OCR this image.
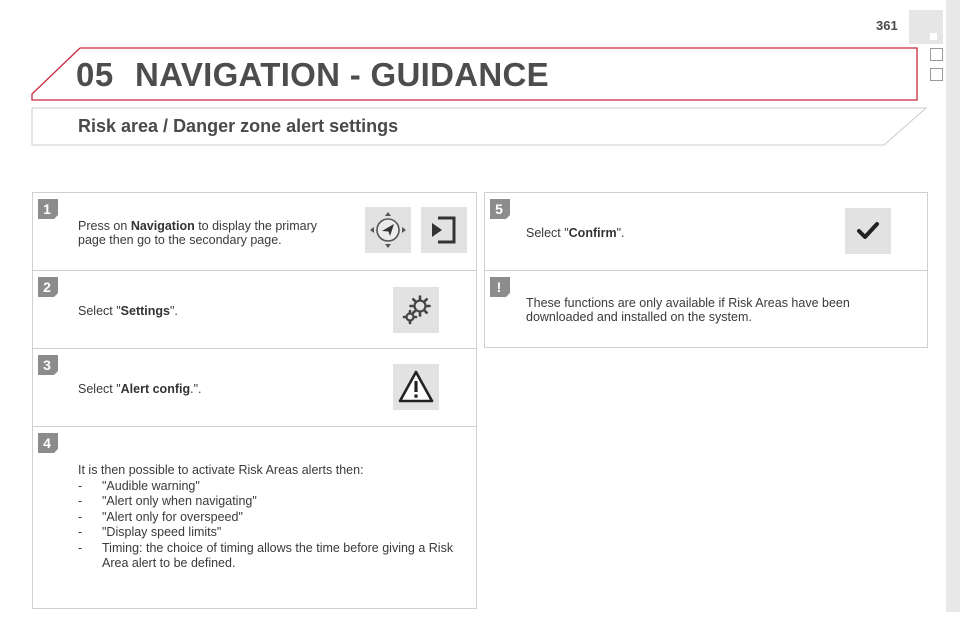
361
05 NAVIGATION - GUIDANCE
Risk area / Danger zone alert settings
1
2
3
4
5
!
Press on Navigation to display the primary
page then go to the secondary page.
Select "Settings".
Select "Alert config.".
It is then possible to activate Risk Areas alerts then:
-	"Audible warning"
-	"Alert only when navigating"
-	"Alert only for overspeed"
-	"Display speed limits"
-	Timing: the choice of timing allows the time before giving a Risk
Area alert to be defined.
Select "Confirm".
These functions are only available if Risk Areas have been
downloaded and installed on the system.
